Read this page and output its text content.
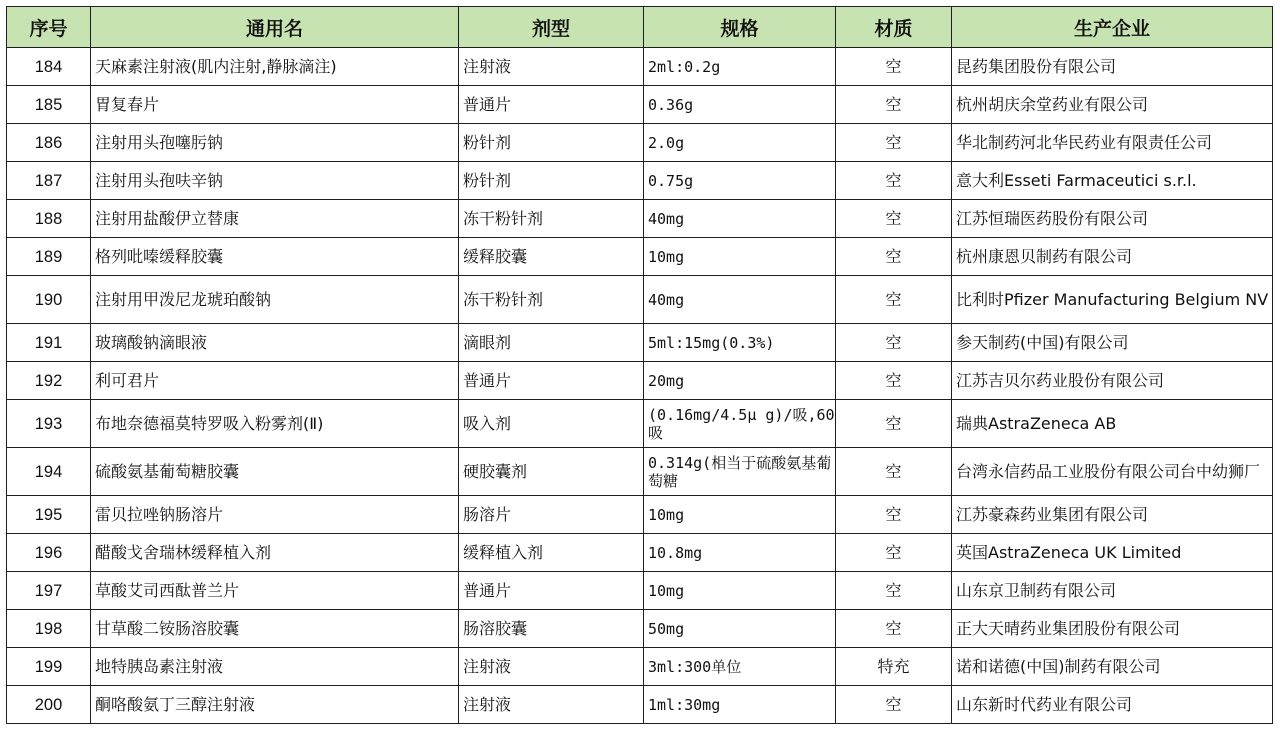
序号	通用名	剂型	规格	材质	生产企业
184	天麻素注射液(肌内注射,静脉滴注)	注射液	2ml:0.2g	空	昆药集团股份有限公司
185	胃复春片	普通片	0.36g	空	杭州胡庆余堂药业有限公司
186	注射用头孢噻肟钠	粉针剂	2.0g	空	华北制药河北华民药业有限责任公司
187	注射用头孢呋辛钠	粉针剂	0.75g	空	意大利Esseti Farmaceutici s.r.l.
188	注射用盐酸伊立替康	冻干粉针剂	40mg	空	江苏恒瑞医药股份有限公司
189	格列吡嗪缓释胶囊	缓释胶囊	10mg	空	杭州康恩贝制药有限公司
190	注射用甲泼尼龙琥珀酸钠	冻干粉针剂	40mg	空	比利时Pfizer Manufacturing Belgium NV
191	玻璃酸钠滴眼液	滴眼剂	5ml:15mg(0.3%)	空	参天制药(中国)有限公司
192	利可君片	普通片	20mg	空	江苏吉贝尔药业股份有限公司
193	布地奈德福莫特罗吸入粉雾剂(Ⅱ)	吸入剂	(0.16mg/4.5μ g)/吸,60吸	空	瑞典AstraZeneca AB
194	硫酸氨基葡萄糖胶囊	硬胶囊剂	0.314g(相当于硫酸氨基葡萄糖	空	台湾永信药品工业股份有限公司台中幼狮厂
195	雷贝拉唑钠肠溶片	肠溶片	10mg	空	江苏豪森药业集团有限公司
196	醋酸戈舍瑞林缓释植入剂	缓释植入剂	10.8mg	空	英国AstraZeneca UK Limited
197	草酸艾司西酞普兰片	普通片	10mg	空	山东京卫制药有限公司
198	甘草酸二铵肠溶胶囊	肠溶胶囊	50mg	空	正大天晴药业集团股份有限公司
199	地特胰岛素注射液	注射液	3ml:300单位	特充	诺和诺德(中国)制药有限公司
200	酮咯酸氨丁三醇注射液	注射液	1ml:30mg	空	山东新时代药业有限公司
